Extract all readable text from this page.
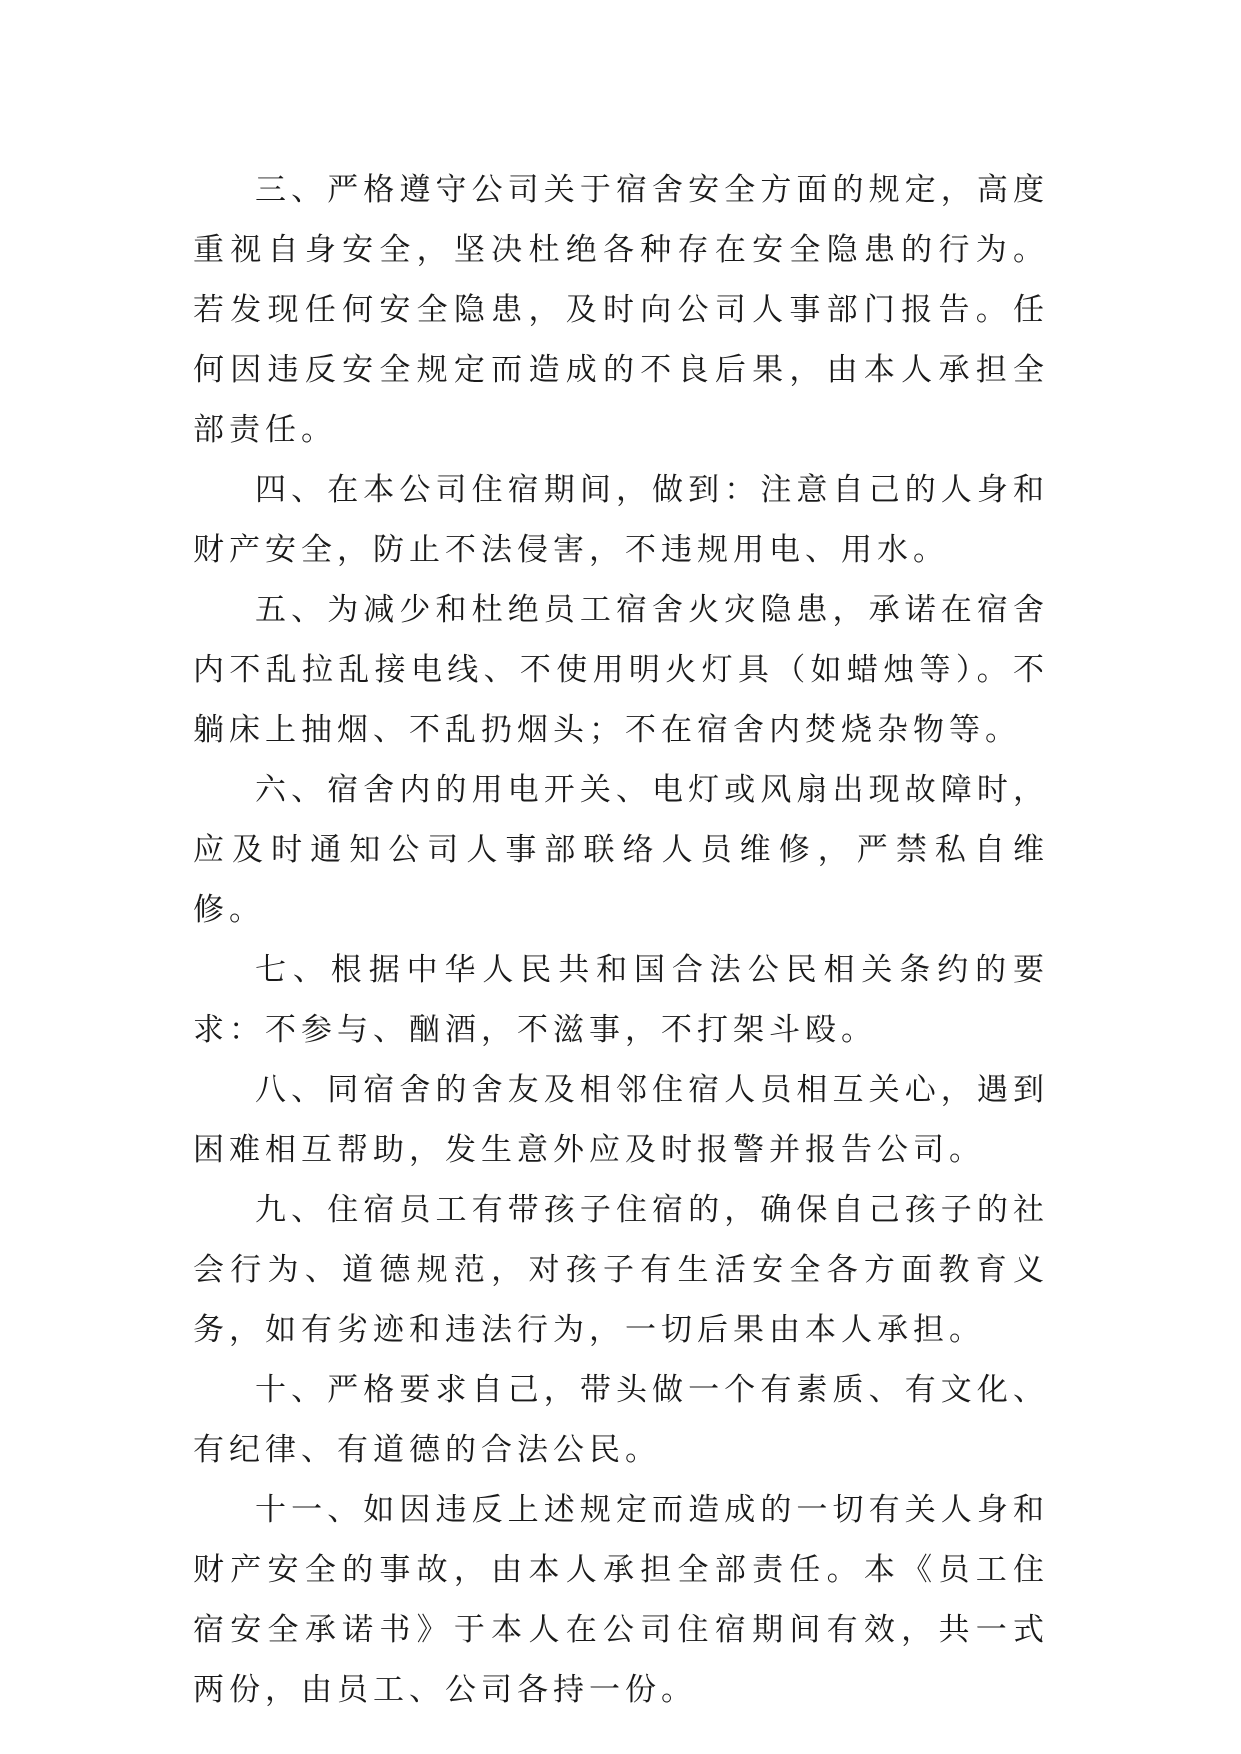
三、严格遵守公司关于宿舍安全方面的规定，高度重视自身安全，坚决杜绝各种存在安全隐患的行为。若发现任何安全隐患，及时向公司人事部门报告。任何因违反安全规定而造成的不良后果，由本人承担全部责任。

四、在本公司住宿期间，做到：注意自己的人身和财产安全，防止不法侵害，不违规用电、用水。

五、为减少和杜绝员工宿舍火灾隐患，承诺在宿舍内不乱拉乱接电线、不使用明火灯具（如蜡烛等）。不躺床上抽烟、不乱扔烟头；不在宿舍内焚烧杂物等。

六、宿舍内的用电开关、电灯或风扇出现故障时，应及时通知公司人事部联络人员维修，严禁私自维修。

七、根据中华人民共和国合法公民相关条约的要求：不参与、酗酒，不滋事，不打架斗殴。

八、同宿舍的舍友及相邻住宿人员相互关心，遇到困难相互帮助，发生意外应及时报警并报告公司。

九、住宿员工有带孩子住宿的，确保自己孩子的社会行为、道德规范，对孩子有生活安全各方面教育义务，如有劣迹和违法行为，一切后果由本人承担。

十、严格要求自己，带头做一个有素质、有文化、有纪律、有道德的合法公民。

十一、如因违反上述规定而造成的一切有关人身和财产安全的事故，由本人承担全部责任。本《员工住宿安全承诺书》于本人在公司住宿期间有效，共一式两份，由员工、公司各持一份。
